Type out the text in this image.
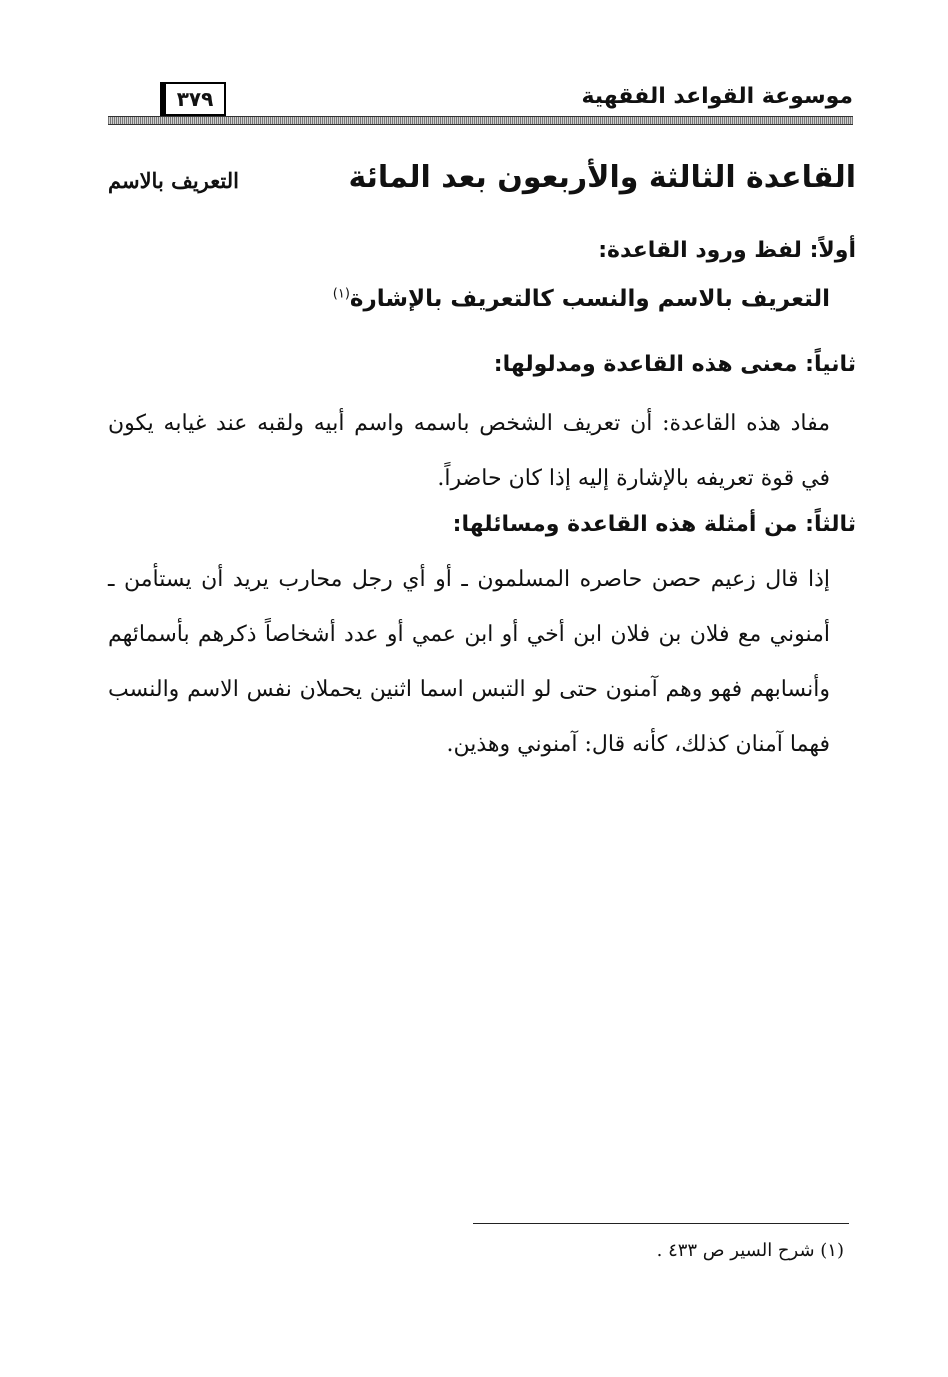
موسوعة القواعد الفقهية
٣٧٩
القاعدة الثالثة والأربعون بعد المائة
التعريف بالاسم
أولاً: لفظ ورود القاعدة:
التعريف بالاسم والنسب كالتعريف بالإشارة$^{(١)}$
ثانياً: معنى هذه القاعدة ومدلولها:
مفاد هذه القاعدة: أن تعريف الشخص باسمه واسم أبيه ولقبه عند غيابه يكون في قوة تعريفه بالإشارة إليه إذا كان حاضراً.
ثالثاً: من أمثلة هذه القاعدة ومسائلها:
إذا قال زعيم حصن حاصره المسلمون ـ أو أي رجل محارب يريد أن يستأمن ـ أمنوني مع فلان بن فلان ابن أخي أو ابن عمي أو عدد أشخاصاً ذكرهم بأسمائهم وأنسابهم فهو وهم آمنون حتى لو التبس اسما اثنين يحملان نفس الاسم والنسب فهما آمنان كذلك، كأنه قال: آمنوني وهذين.
(١) شرح السير ص ٤٣٣ .
